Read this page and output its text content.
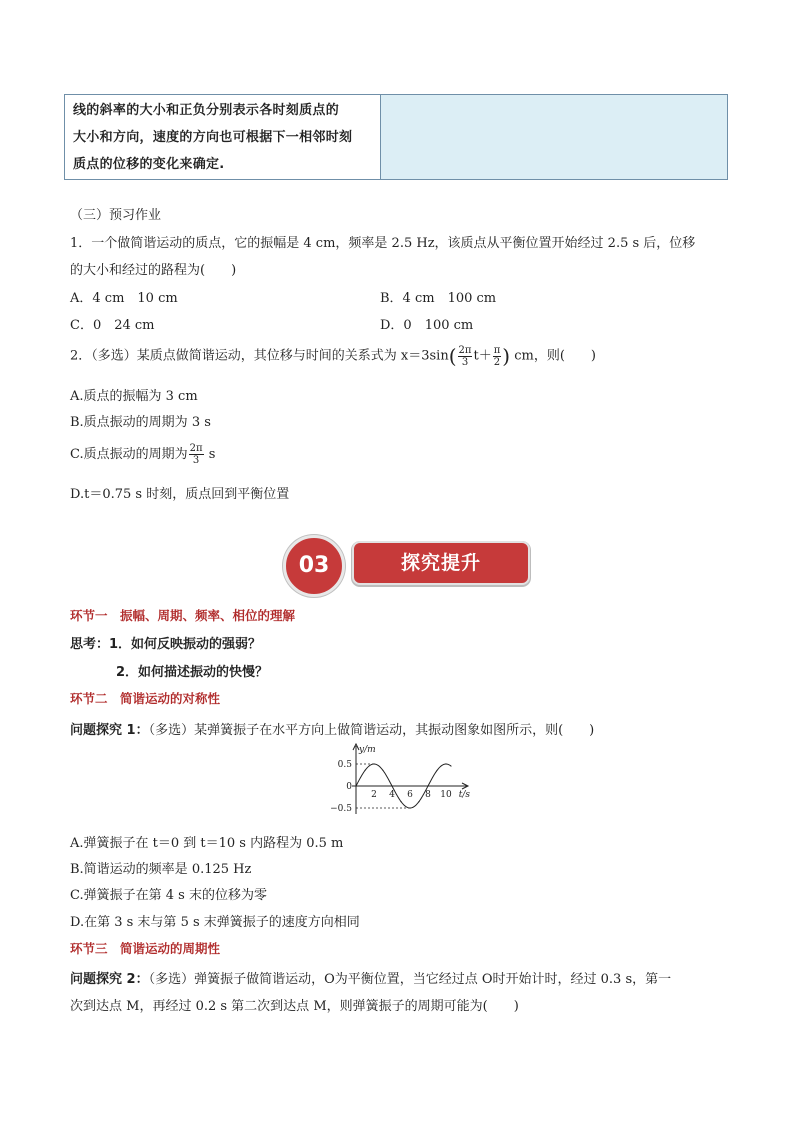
线的斜率的大小和正负分别表示各时刻质点的
大小和方向，速度的方向也可根据下一相邻时刻
质点的位移的变化来确定.
（三）预习作业
1．一个做简谐运动的质点，它的振幅是 4 cm，频率是 2.5 Hz，该质点从平衡位置开始经过 2.5 s 后，位移
的大小和经过的路程为(　　)
A．4 cm　10 cm	B．4 cm　100 cm
C．0　24 cm	D．0　100 cm
2．（多选）某质点做简谐运动，其位移与时间的关系式为 $x=3\sin( \frac{2\pi}{3} t+ \frac{\pi}{2}$ ) cm，则(　　)
A.质点的振幅为 3 cm
B.质点振动的周期为 3 s
C.质点振动的周期为 $\frac{2\pi}{3}$ s
D.t＝0.75 s 时刻，质点回到平衡位置
03	探究提升
环节一　振幅、周期、频率、相位的理解
思考：1．如何反映振动的强弱？
2．如何描述振动的快慢？
环节二　简谐运动的对称性
问题探究 1：（多选）某弹簧振子在水平方向上做简谐运动，其振动图象如图所示，则(　　)
0.5
0
−0.5
2 4 6 8 10
y/m
t/s
A.弹簧振子在 t＝0 到 t＝10 s 内路程为 0.5 m
B.简谐运动的频率是 0.125 Hz
C.弹簧振子在第 4 s 末的位移为零
D.在第 3 s 末与第 5 s 末弹簧振子的速度方向相同
环节三　简谐运动的周期性
问题探究 2：（多选）弹簧振子做简谐运动，O为平衡位置，当它经过点 O时开始计时，经过 0.3 s，第一
次到达点 M，再经过 0.2 s 第二次到达点 M，则弹簧振子的周期可能为(　　)
